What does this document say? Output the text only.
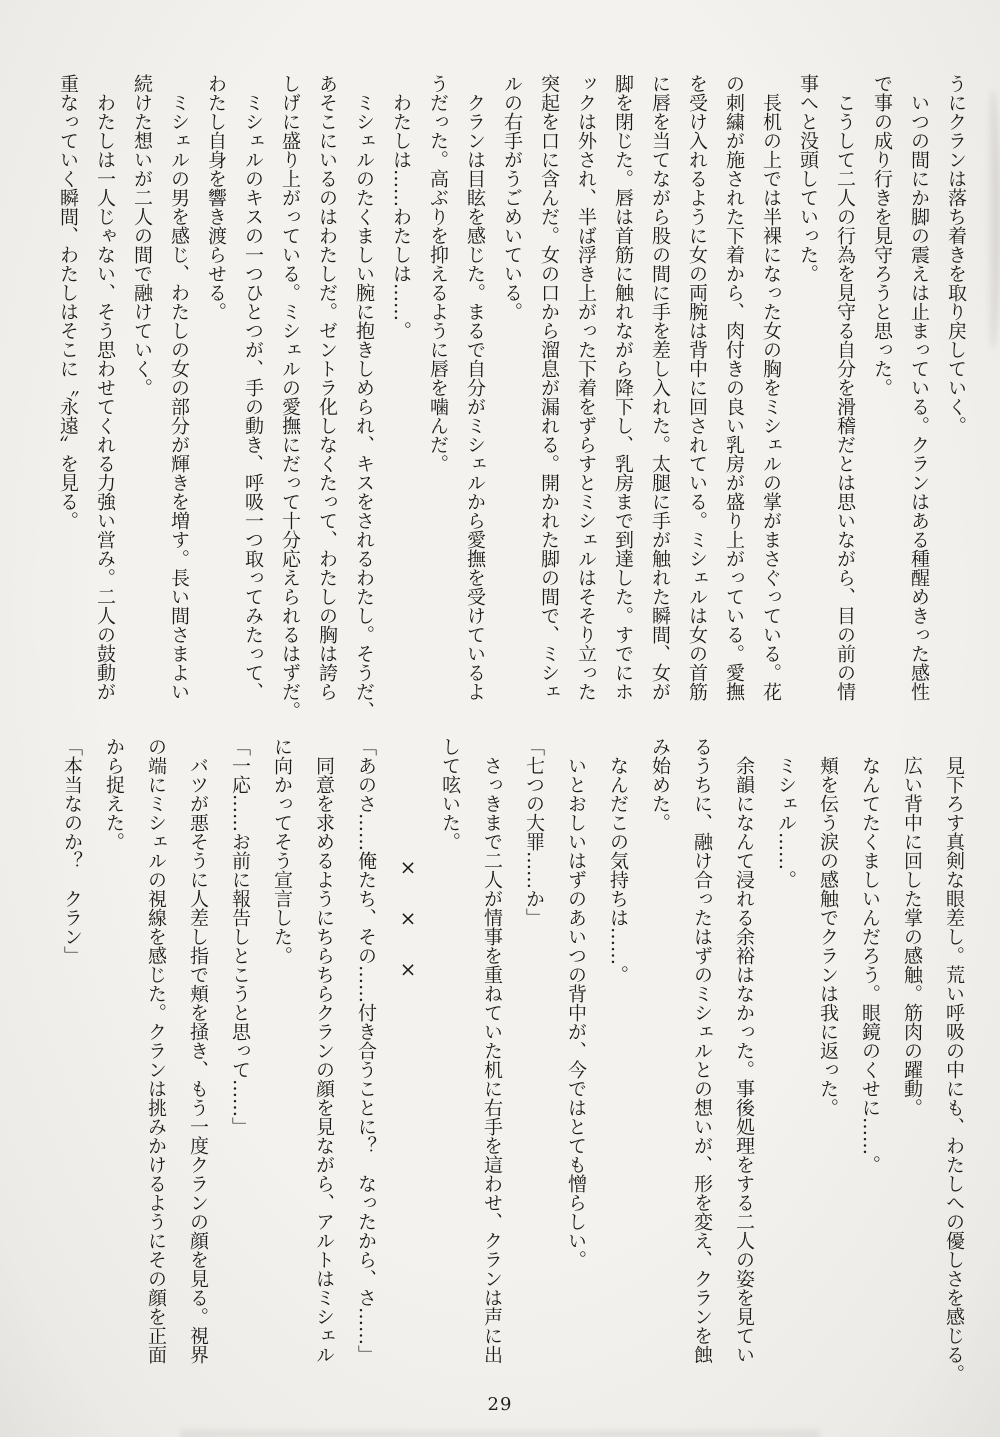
うにクランは落ち着きを取り戻していく。
　いつの間にか脚の震えは止まっている。クランはある種醒めきった感性
で事の成り行きを見守ろうと思った。
　こうして二人の行為を見守る自分を滑稽だとは思いながら、目の前の情
事へと没頭していった。
　長机の上では半裸になった女の胸をミシェルの掌がまさぐっている。花
の刺繍が施された下着から、肉付きの良い乳房が盛り上がっている。愛撫
を受け入れるように女の両腕は背中に回されている。ミシェルは女の首筋
に唇を当てながら股の間に手を差し入れた。太腿に手が触れた瞬間、女が
脚を閉じた。唇は首筋に触れながら降下し、乳房まで到達した。すでにホ
ックは外され、半ば浮き上がった下着をずらすとミシェルはそそり立った
突起を口に含んだ。女の口から溜息が漏れる。開かれた脚の間で、ミシェ
ルの右手がうごめいている。
　クランは目眩を感じた。まるで自分がミシェルから愛撫を受けているよ
うだった。高ぶりを抑えるように唇を噛んだ。
　わたしは……わたしは……。
　ミシェルのたくましい腕に抱きしめられ、キスをされるわたし。そうだ、
あそこにいるのはわたしだ。ゼントラ化しなくたって、わたしの胸は誇ら
しげに盛り上がっている。ミシェルの愛撫にだって十分応えられるはずだ。
　ミシェルのキスの一つひとつが、手の動き、呼吸一つ取ってみたって、
わたし自身を響き渡らせる。
　ミシェルの男を感じ、わたしの女の部分が輝きを増す。長い間さまよい
続けた想いが二人の間で融けていく。
　わたしは一人じゃない、そう思わせてくれる力強い営み。二人の鼓動が
重なっていく瞬間、わたしはそこに〝永遠〟を見る。
　見下ろす真剣な眼差し。荒い呼吸の中にも、わたしへの優しさを感じる。
　広い背中に回した掌の感触。筋肉の躍動。
　なんてたくましいんだろう。眼鏡のくせに……。
　頬を伝う涙の感触でクランは我に返った。
　ミシェル……。
　余韻になんて浸れる余裕はなかった。事後処理をする二人の姿を見てい
るうちに、融け合ったはずのミシェルとの想いが、形を変え、クランを蝕
み始めた。
　なんだこの気持ちは……。
　いとおしいはずのあいつの背中が、今ではとても憎らしい。
「七つの大罪……か」
　さっきまで二人が情事を重ねていた机に右手を這わせ、クランは声に出
して呟いた。
×××
「あのさ……俺たち、その……付き合うことに？　なったから、さ……」
　同意を求めるようにちらちらクランの顔を見ながら、アルトはミシェル
に向かってそう宣言した。
「一応……お前に報告しとこうと思って……」
　バツが悪そうに人差し指で頬を掻き、もう一度クランの顔を見る。視界
の端にミシェルの視線を感じた。クランは挑みかけるようにその顔を正面
から捉えた。
「本当なのか？　クラン」
29
